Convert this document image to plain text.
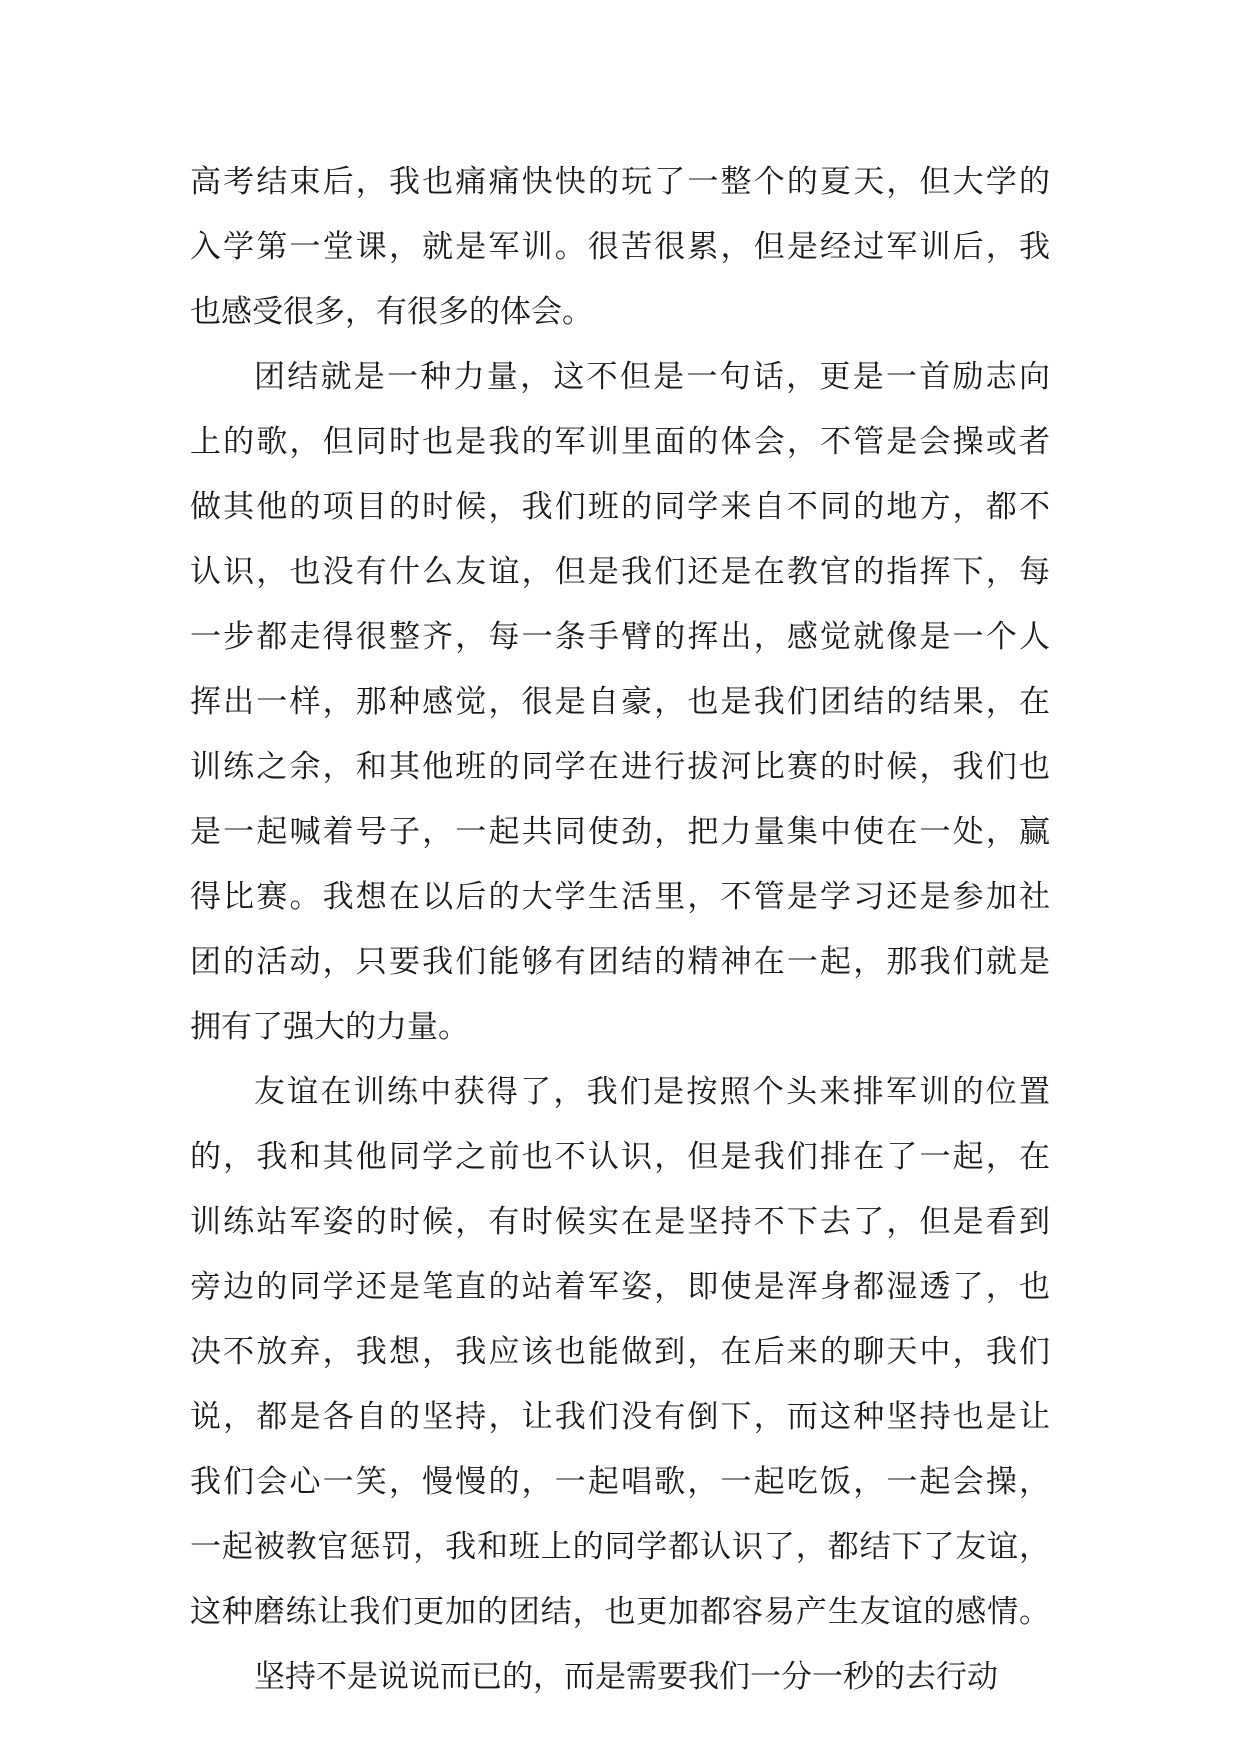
高考结束后，我也痛痛快快的玩了一整个的夏天，但大学的
入学第一堂课，就是军训。很苦很累，但是经过军训后，我
也感受很多，有很多的体会。
团结就是一种力量，这不但是一句话，更是一首励志向
上的歌，但同时也是我的军训里面的体会，不管是会操或者
做其他的项目的时候，我们班的同学来自不同的地方，都不
认识，也没有什么友谊，但是我们还是在教官的指挥下，每
一步都走得很整齐，每一条手臂的挥出，感觉就像是一个人
挥出一样，那种感觉，很是自豪，也是我们团结的结果，在
训练之余，和其他班的同学在进行拔河比赛的时候，我们也
是一起喊着号子，一起共同使劲，把力量集中使在一处，赢
得比赛。我想在以后的大学生活里，不管是学习还是参加社
团的活动，只要我们能够有团结的精神在一起，那我们就是
拥有了强大的力量。
友谊在训练中获得了，我们是按照个头来排军训的位置
的，我和其他同学之前也不认识，但是我们排在了一起，在
训练站军姿的时候，有时候实在是坚持不下去了，但是看到
旁边的同学还是笔直的站着军姿，即使是浑身都湿透了，也
决不放弃，我想，我应该也能做到，在后来的聊天中，我们
说，都是各自的坚持，让我们没有倒下，而这种坚持也是让
我们会心一笑，慢慢的，一起唱歌，一起吃饭，一起会操，
一起被教官惩罚，我和班上的同学都认识了，都结下了友谊，
这种磨练让我们更加的团结，也更加都容易产生友谊的感情。
坚持不是说说而已的，而是需要我们一分一秒的去行动
